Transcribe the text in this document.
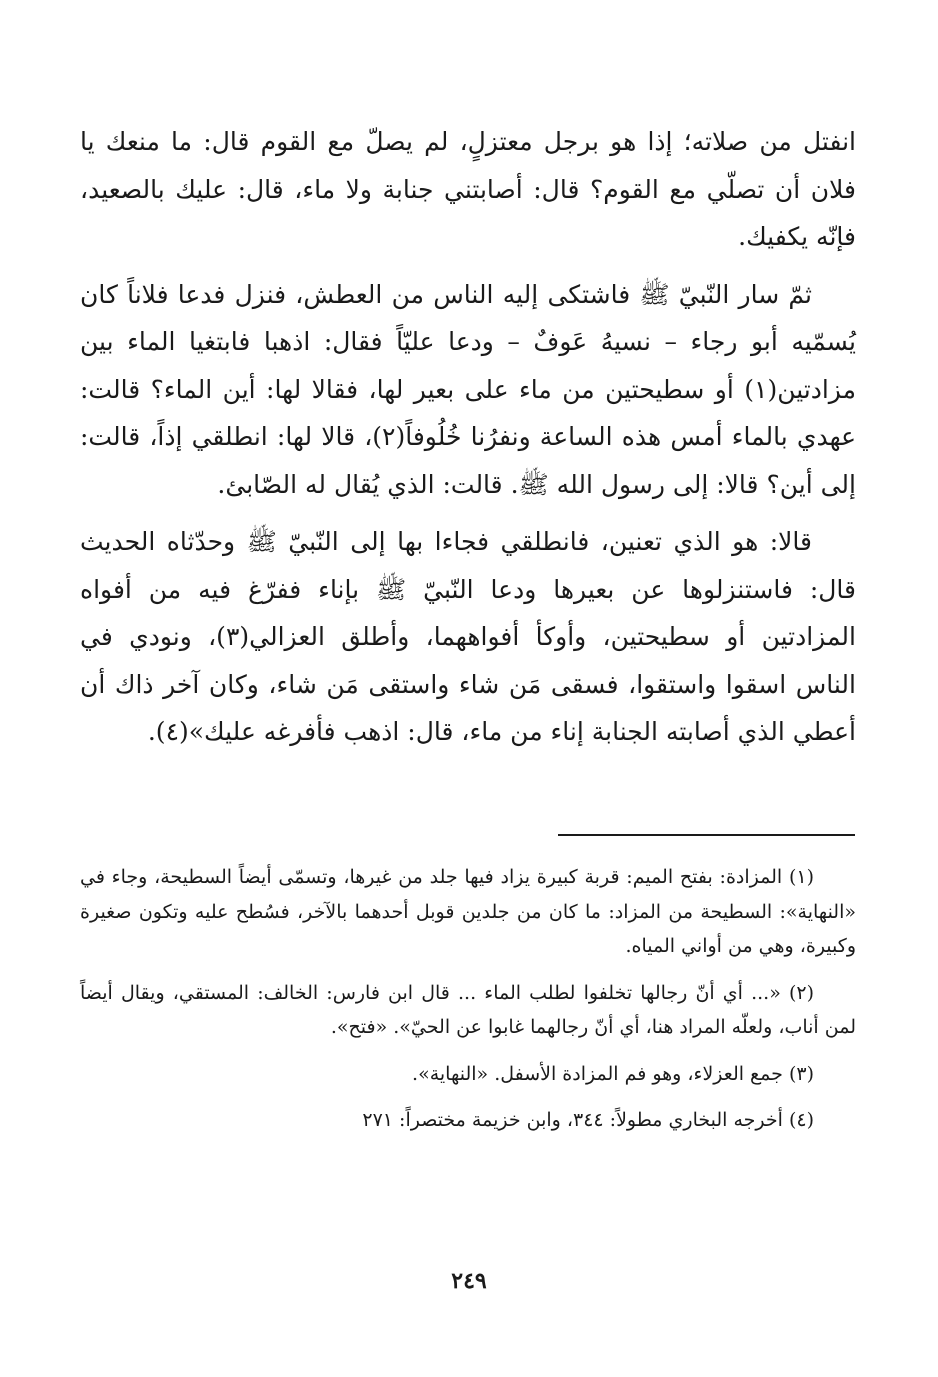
انفتل من صلاته؛ إذا هو برجل معتزلٍ، لم يصلّ مع القوم قال: ما منعك يا فلان أن تصلّي مع القوم؟ قال: أصابتني جنابة ولا ماء، قال: عليك بالصعيد، فإنّه يكفيك.

ثمّ سار النّبيّ ﷺ فاشتكى إليه الناس من العطش، فنزل فدعا فلاناً كان يُسمّيه أبو رجاء – نسيهُ عَوفٌ – ودعا عليّاً فقال: اذهبا فابتغيا الماء بين مزادتين(١) أو سطيحتين من ماء على بعير لها، فقالا لها: أين الماء؟ قالت: عهدي بالماء أمس هذه الساعة ونفرُنا خُلُوفاً(٢)، قالا لها: انطلقي إذاً، قالت: إلى أين؟ قالا: إلى رسول الله ﷺ. قالت: الذي يُقال له الصّابئ.

قالا: هو الذي تعنين، فانطلقي فجاءا بها إلى النّبيّ ﷺ وحدّثاه الحديث قال: فاستنزلوها عن بعيرها ودعا النّبيّ ﷺ بإناء ففرّغ فيه من أفواه المزادتين أو سطيحتين، وأوكأ أفواههما، وأطلق العزالي(٣)، ونودي في الناس اسقوا واستقوا، فسقى مَن شاء واستقى مَن شاء، وكان آخر ذاك أن أعطي الذي أصابته الجنابة إناء من ماء، قال: اذهب فأفرغه عليك»(٤).

(١) المزادة: بفتح الميم: قربة كبيرة يزاد فيها جلد من غيرها، وتسمّى أيضاً السطيحة، وجاء في «النهاية»: السطيحة من المزاد: ما كان من جلدين قوبل أحدهما بالآخر، فسُطح عليه وتكون صغيرة وكبيرة، وهي من أواني المياه.

(٢) «... أي أنّ رجالها تخلفوا لطلب الماء ... قال ابن فارس: الخالف: المستقي، ويقال أيضاً لمن أناب، ولعلّه المراد هنا، أي أنّ رجالهما غابوا عن الحيّ». «فتح».

(٣) جمع العزلاء، وهو فم المزادة الأسفل. «النهاية».

(٤) أخرجه البخاري مطولاً: ٣٤٤، وابن خزيمة مختصراً: ٢٧١

٢٤٩
